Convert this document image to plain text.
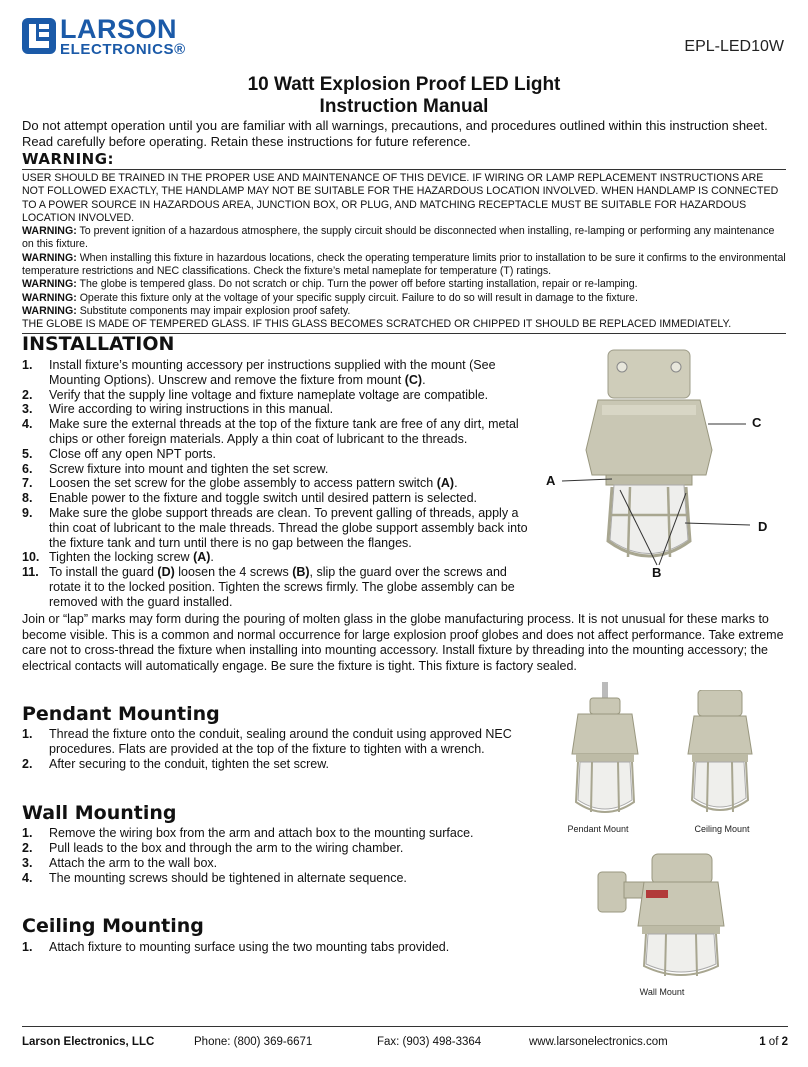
LARSON
ELECTRONICS®	EPL-LED10W
10 Watt Explosion Proof LED Light
Instruction Manual
Do not attempt operation until you are familiar with all warnings, precautions, and procedures outlined within this instruction sheet. Read carefully before operating. Retain these instructions for future reference.
WARNING:

USER SHOULD BE TRAINED IN THE PROPER USE AND MAINTENANCE OF THIS DEVICE. IF WIRING OR LAMP REPLACEMENT INSTRUCTIONS ARE NOT FOLLOWED EXACTLY, THE HANDLAMP MAY NOT BE SUITABLE FOR THE HAZARDOUS LOCATION INVOLVED. WHEN HANDLAMP IS CONNECTED TO A POWER SOURCE IN HAZARDOUS AREA, JUNCTION BOX, OR PLUG, AND MATCHING RECEPTACLE MUST BE SUITABLE FOR HAZARDOUS LOCATION INVOLVED.

WARNING: To prevent ignition of a hazardous atmosphere, the supply circuit should be disconnected when installing, re-lamping or performing any maintenance on this fixture.

WARNING: When installing this fixture in hazardous locations, check the operating temperature limits prior to installation to be sure it confirms to the environmental temperature restrictions and NEC classifications. Check the fixture’s metal nameplate for temperature (T) ratings.

WARNING: The globe is tempered glass. Do not scratch or chip. Turn the power off before starting installation, repair or re-lamping.

WARNING: Operate this fixture only at the voltage of your specific supply circuit. Failure to do so will result in damage to the fixture.

WARNING: Substitute components may impair explosion proof safety.

THE GLOBE IS MADE OF TEMPERED GLASS. IF THIS GLASS BECOMES SCRATCHED OR CHIPPED IT SHOULD BE REPLACED IMMEDIATELY.

INSTALLATION
1. Install fixture’s mounting accessory per instructions supplied with the mount (See Mounting Options). Unscrew and remove the fixture from mount (C).
2. Verify that the supply line voltage and fixture nameplate voltage are compatible.
3. Wire according to wiring instructions in this manual.
4. Make sure the external threads at the top of the fixture tank are free of any dirt, metal chips or other foreign materials. Apply a thin coat of lubricant to the threads.
5. Close off any open NPT ports.
6. Screw fixture into mount and tighten the set screw.
7. Loosen the set screw for the globe assembly to access pattern switch (A).
8. Enable power to the fixture and toggle switch until desired pattern is selected.
9. Make sure the globe support threads are clean. To prevent galling of threads, apply a thin coat of lubricant to the male threads. Thread the globe support assembly back into the fixture tank and turn until there is no gap between the flanges.
10. Tighten the locking screw (A).
11. To install the guard (D) loosen the 4 screws (B), slip the guard over the screws and rotate it to the locked position. Tighten the screws firmly. The globe assembly can be removed with the guard installed.
A
C
D
B
Join or “lap” marks may form during the pouring of molten glass in the globe manufacturing process. It is not unusual for these marks to become visible. This is a common and normal occurrence for large explosion proof globes and does not affect performance. Take extreme care not to cross-thread the fixture when installing into mounting accessory. Install fixture by threading into the mounting accessory; the electrical contacts will automatically engage. Be sure the fixture is tight. This fixture is factory sealed.
Pendant Mounting
1. Thread the fixture onto the conduit, sealing around the conduit using approved NEC procedures. Flats are provided at the top of the fixture to tighten with a wrench.
2. After securing to the conduit, tighten the set screw.
Wall Mounting
1. Remove the wiring box from the arm and attach box to the mounting surface.
2. Pull leads to the box and through the arm to the wiring chamber.
3. Attach the arm to the wall box.
4. The mounting screws should be tightened in alternate sequence.
Ceiling Mounting
1. Attach fixture to mounting surface using the two mounting tabs provided.
Pendant Mount	Ceiling Mount
Wall Mount
Larson Electronics, LLC	Phone: (800) 369-6671	Fax: (903) 498-3364	www.larsonelectronics.com	1 of 2
